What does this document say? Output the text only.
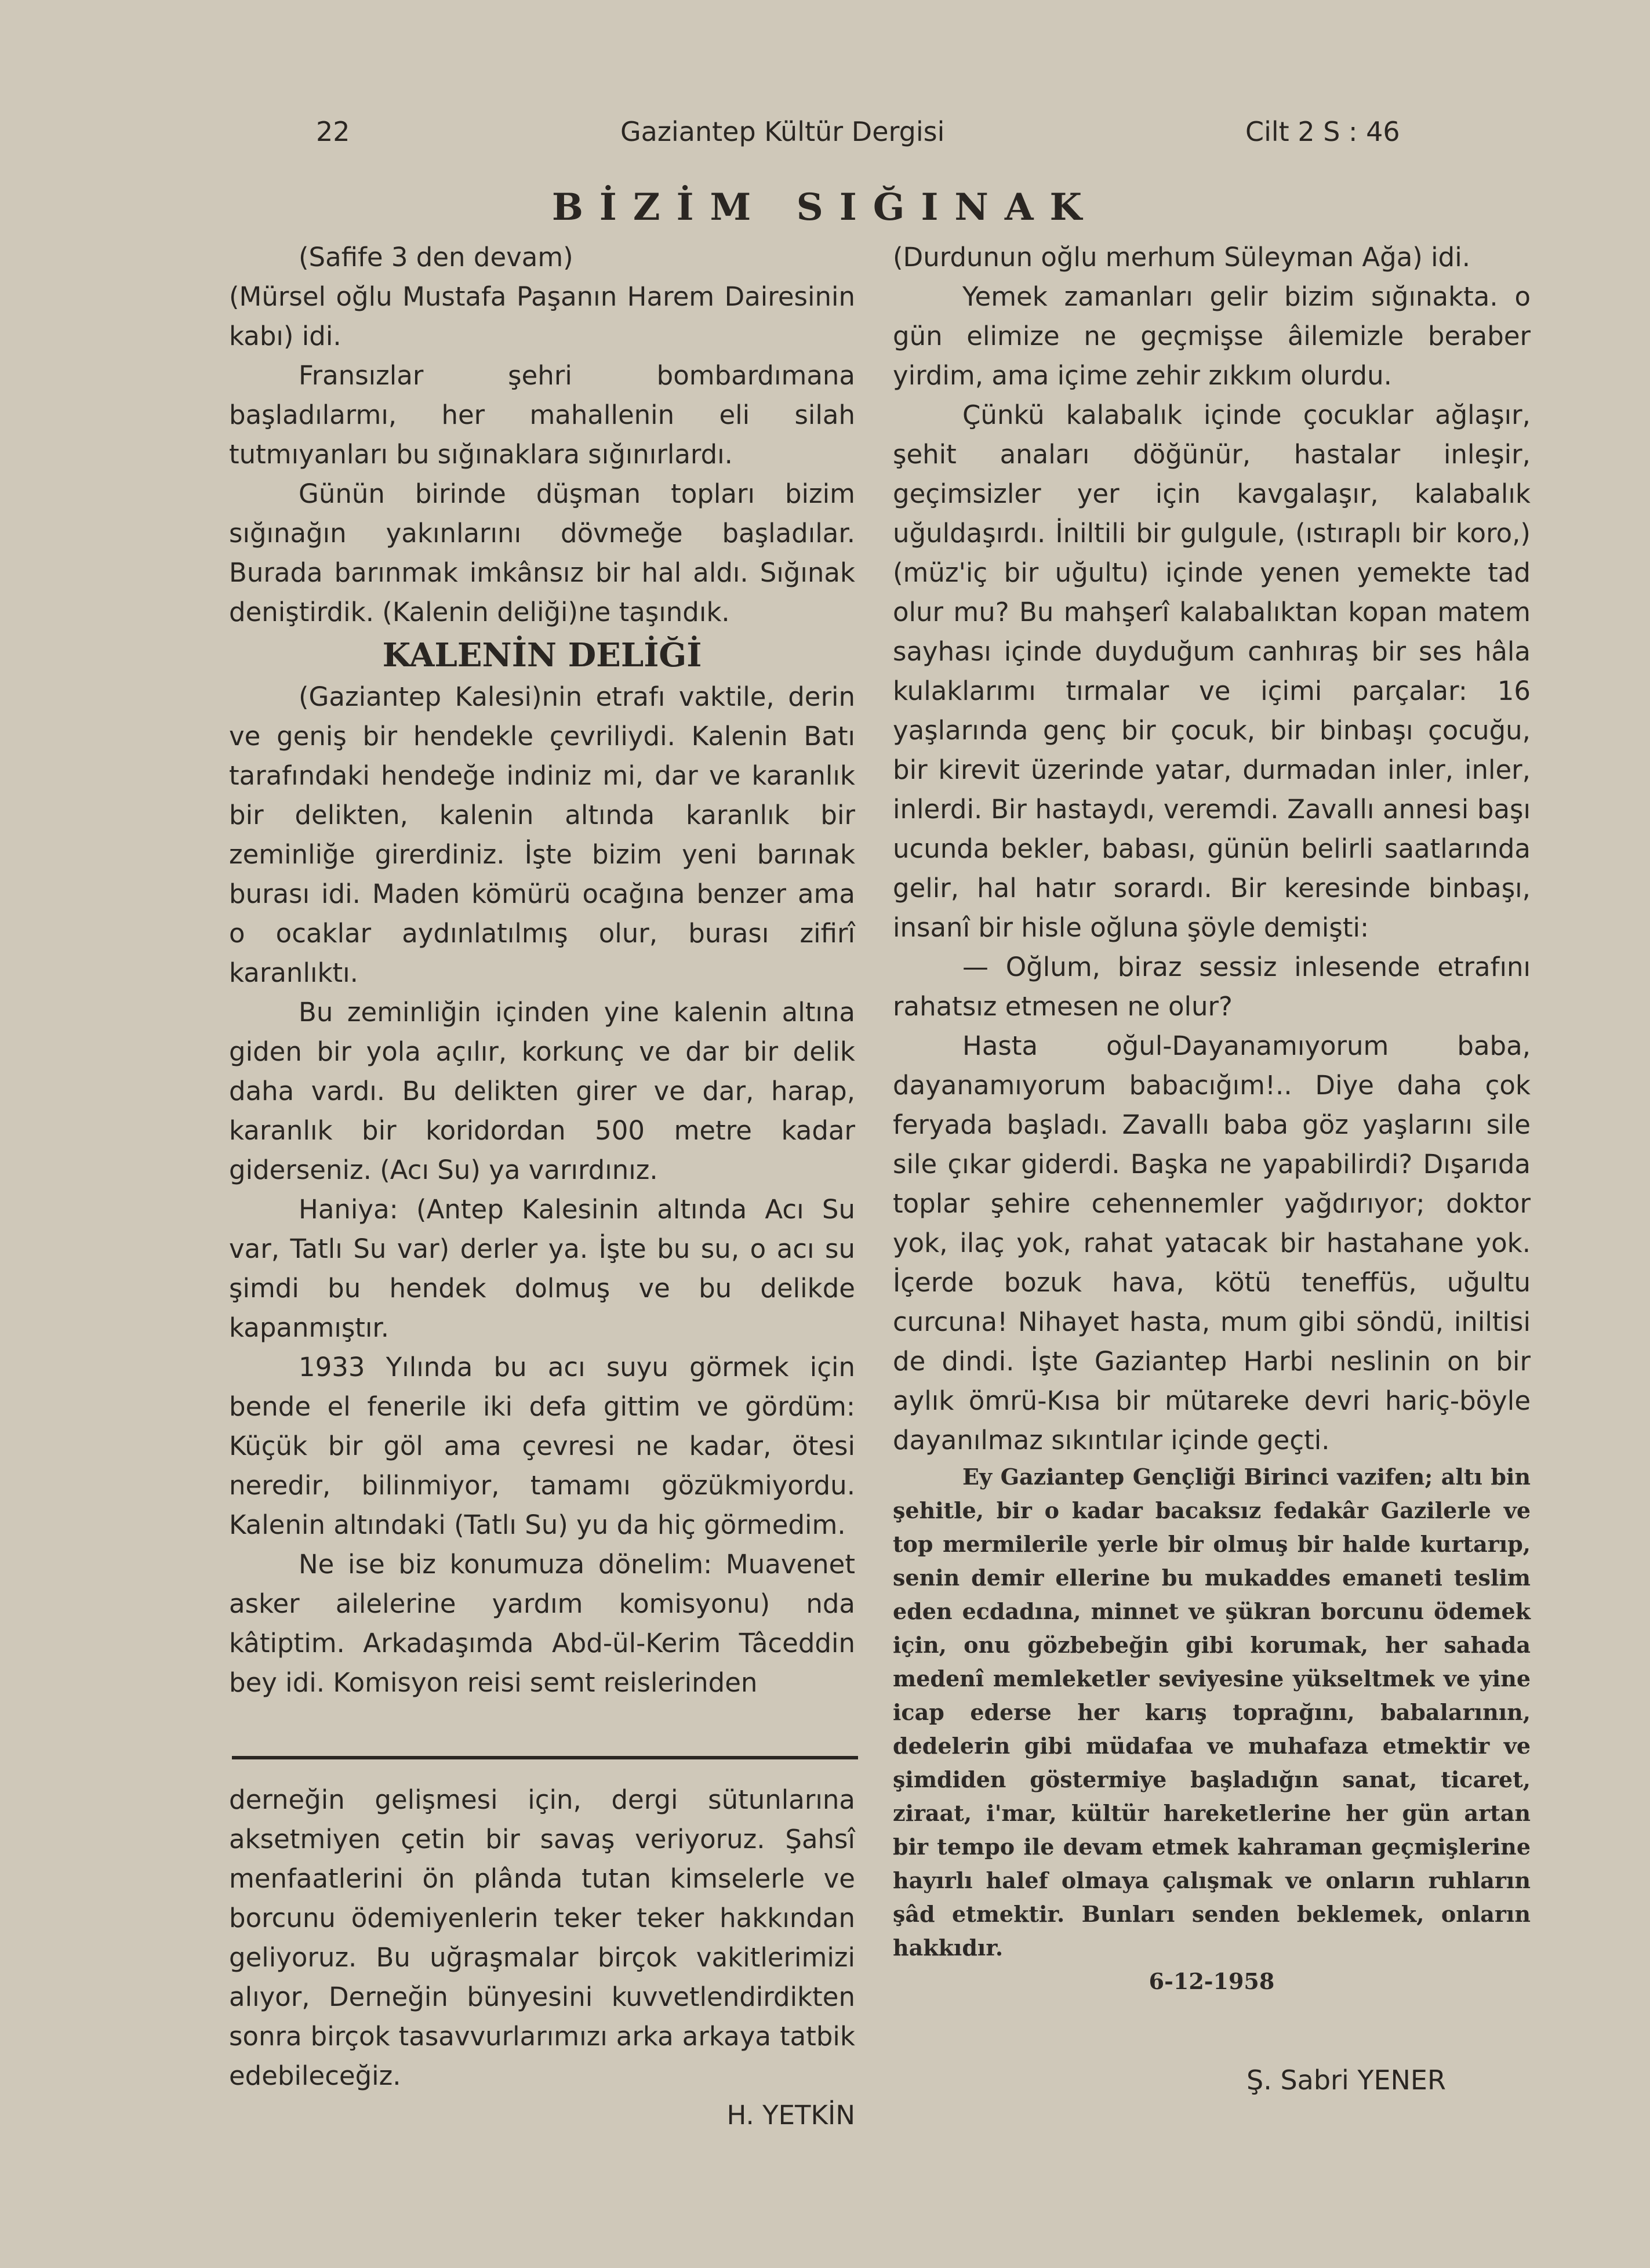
22	Gaziantep Kültür Dergisi	Cilt 2 S : 46
BİZİM SIĞINAK

(Safife 3 den devam)

(Mürsel oğlu Mustafa Paşanın Harem Dairesinin kabı) idi.

Fransızlar şehri bombardımana başladılarmı, her mahallenin eli silah tutmıyanları bu sığınaklara sığınırlardı.

Günün birinde düşman topları bizim sığınağın yakınlarını dövmeğe başladılar. Burada barınmak imkânsız bir hal aldı. Sığınak deniştirdik. (Kalenin deliği)ne taşındık.

KALENİN DELİĞİ

(Gaziantep Kalesi)nin etrafı vaktile, derin ve geniş bir hendekle çevriliydi. Kalenin Batı tarafındaki hendeğe indiniz mi, dar ve karanlık bir delikten, kalenin altında karanlık bir zeminliğe girerdiniz. İşte bizim yeni barınak burası idi. Maden kömürü ocağına benzer ama o ocaklar aydınlatılmış olur, burası zifirî karanlıktı.

Bu zeminliğin içinden yine kalenin altına giden bir yola açılır, korkunç ve dar bir delik daha vardı. Bu delikten girer ve dar, harap, karanlık bir koridordan 500 metre kadar giderseniz. (Acı Su) ya varırdınız.

Haniya: (Antep Kalesinin altında Acı Su var, Tatlı Su var) derler ya. İşte bu su, o acı su şimdi bu hendek dolmuş ve bu delikde kapanmıştır.

1933 Yılında bu acı suyu görmek için bende el fenerile iki defa gittim ve gördüm: Küçük bir göl ama çevresi ne kadar, ötesi neredir, bilinmiyor, tamamı gözükmiyordu. Kalenin altındaki (Tatlı Su) yu da hiç görmedim.

Ne ise biz konumuza dönelim: Muavenet asker ailelerine yardım komisyonu) nda kâtiptim. Arkadaşımda Abd-ül-Kerim Tâceddin bey idi. Komisyon reisi semt reislerinden

derneğin gelişmesi için, dergi sütunlarına aksetmiyen çetin bir savaş veriyoruz. Şahsî menfaatlerini ön plânda tutan kimselerle ve borcunu ödemiyenlerin teker teker hakkından geliyoruz. Bu uğraşmalar birçok vakitlerimizi alıyor, Derneğin bünyesini kuvvetlendirdikten sonra birçok tasavvurlarımızı arka arkaya tatbik edebileceğiz.

H. YETKİN

(Durdunun oğlu merhum Süleyman Ağa) idi.

Yemek zamanları gelir bizim sığınakta. o gün elimize ne geçmişse âilemizle beraber yirdim, ama içime zehir zıkkım olurdu.

Çünkü kalabalık içinde çocuklar ağlaşır, şehit anaları döğünür, hastalar inleşir, geçimsizler yer için kavgalaşır, kalabalık uğuldaşırdı. İniltili bir gulgule, (ıstıraplı bir koro,) (müz'iç bir uğultu) içinde yenen yemekte tad olur mu? Bu mahşerî kalabalıktan kopan matem sayhası içinde duyduğum canhıraş bir ses hâla kulaklarımı tırmalar ve içimi parçalar: 16 yaşlarında genç bir çocuk, bir binbaşı çocuğu, bir kirevit üzerinde yatar, durmadan inler, inler, inlerdi. Bir hastaydı, veremdi. Zavallı annesi başı ucunda bekler, babası, günün belirli saatlarında gelir, hal hatır sorardı. Bir keresinde binbaşı, insanî bir hisle oğluna şöyle demişti:

— Oğlum, biraz sessiz inlesende etrafını rahatsız etmesen ne olur?

Hasta oğul-Dayanamıyorum baba, dayanamıyorum babacığım!.. Diye daha çok feryada başladı. Zavallı baba göz yaşlarını sile sile çıkar giderdi. Başka ne yapabilirdi? Dışarıda toplar şehire cehennemler yağdırıyor; doktor yok, ilaç yok, rahat yatacak bir hastahane yok. İçerde bozuk hava, kötü teneffüs, uğultu curcuna! Nihayet hasta, mum gibi söndü, iniltisi de dindi. İşte Gaziantep Harbi neslinin on bir aylık ömrü-Kısa bir mütareke devri hariç-böyle dayanılmaz sıkıntılar içinde geçti.

Ey Gaziantep Gençliği Birinci vazifen; altı bin şehitle, bir o kadar bacaksız fedakâr Gazilerle ve top mermilerile yerle bir olmuş bir halde kurtarıp, senin demir ellerine bu mukaddes emaneti teslim eden ecdadına, minnet ve şükran borcunu ödemek için, onu gözbebeğin gibi korumak, her sahada medenî memleketler seviyesine yükseltmek ve yine icap ederse her karış toprağını, babalarının, dedelerin gibi müdafaa ve muhafaza etmektir ve şimdiden göstermiye başladığın sanat, ticaret, ziraat, i'mar, kültür hareketlerine her gün artan bir tempo ile devam etmek kahraman geçmişlerine hayırlı halef olmaya çalışmak ve onların ruhların şâd etmektir. Bunları senden beklemek, onların hakkıdır.

6-12-1958

Ş. Sabri YENER
